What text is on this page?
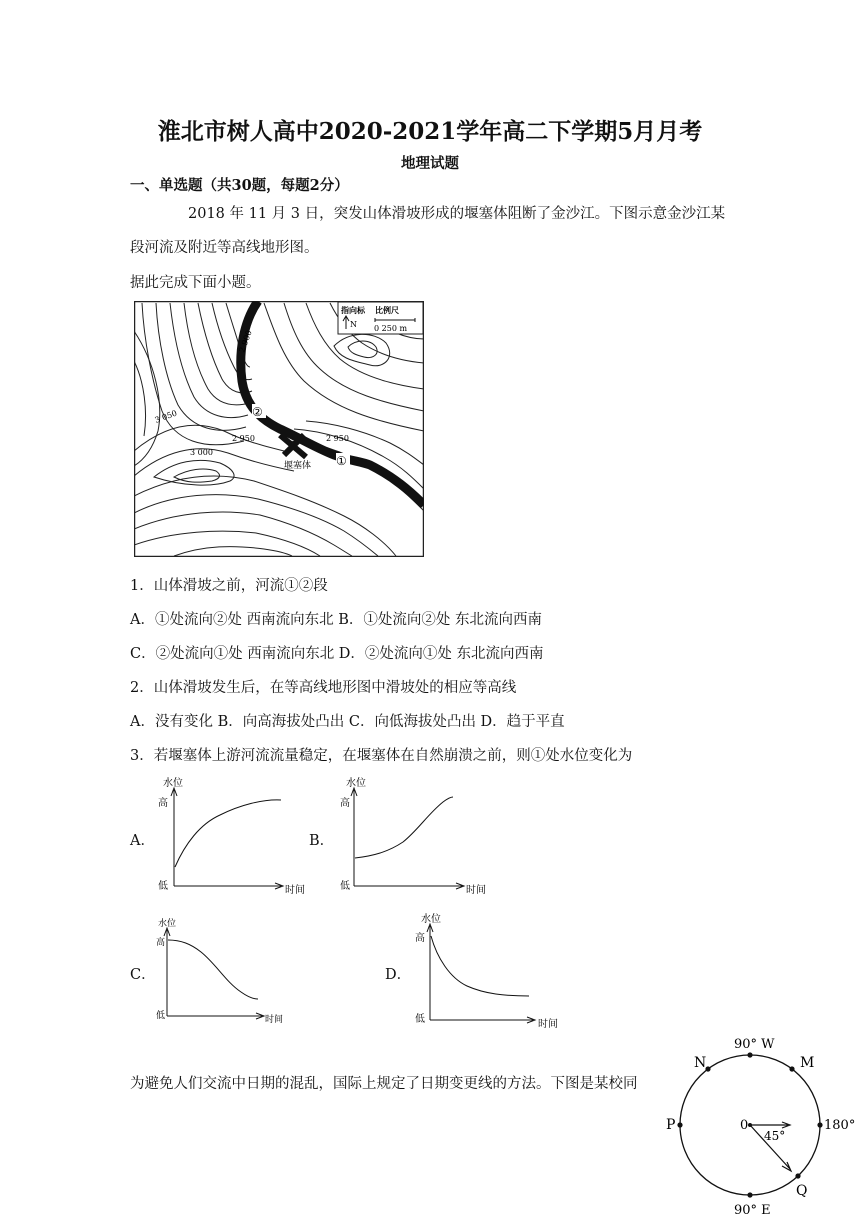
淮北市树人高中2020-2021学年高二下学期5月月考
地理试题
一、单选题（共30题，每题2分）
2018 年 11 月 3 日，突发山体滑坡形成的堰塞体阻断了金沙江。下图示意金沙江某
段河流及附近等高线地形图。
据此完成下面小题。
2 900
3 050
3 000
2 950	2 950
堰塞体
②
①
指向标 比例尺
N 0 250 m
1．山体滑坡之前，河流①②段
A．①处流向②处 西南流向东北 B．①处流向②处 东北流向西南
C．②处流向①处 西南流向东北 D．②处流向①处 东北流向西南
2．山体滑坡发生后，在等高线地形图中滑坡处的相应等高线
A．没有变化 B．向高海拔处凸出 C．向低海拔处凸出 D．趋于平直
3．若堰塞体上游河流流量稳定，在堰塞体在自然崩溃之前，则①处水位变化为
A．
水位
高
低	时间
B．
水位
高
低	时间
C．
水位
高
低	时间
D．
水位
高
低	时间
为避免人们交流中日期的混乱，国际上规定了日期变更线的方法。下图是某校同
90° W
90° E
180°
0
45°
N	M
P
Q
